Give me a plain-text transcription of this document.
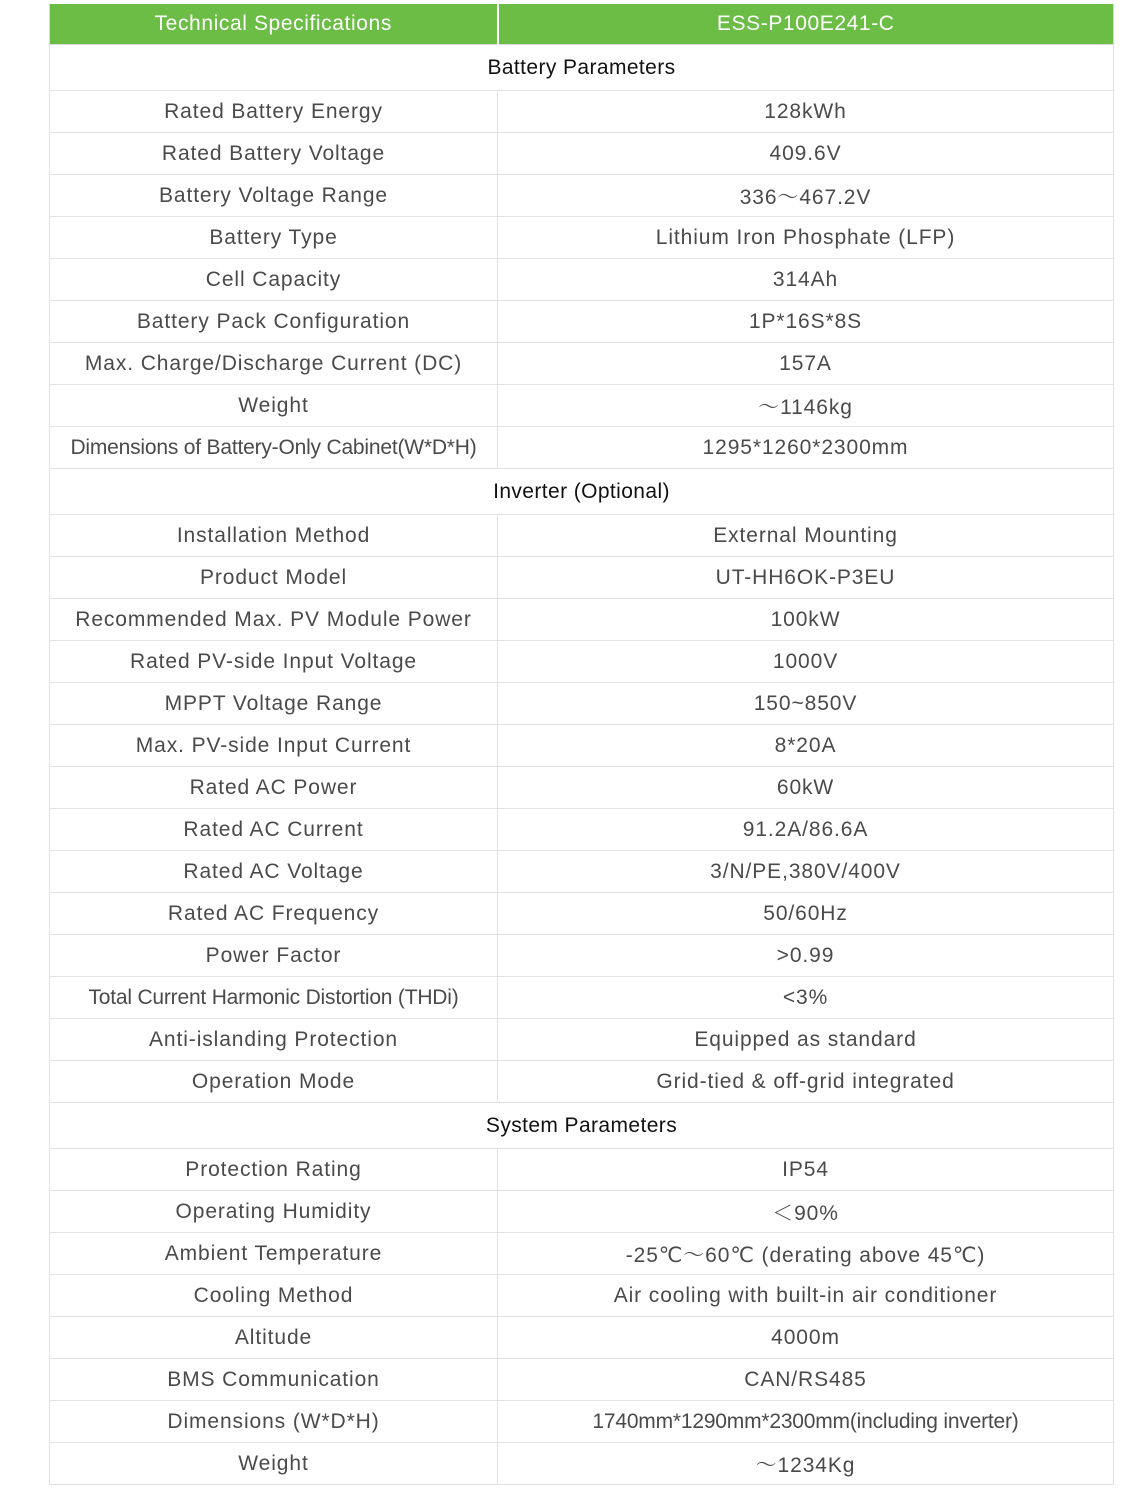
Technical Specifications	ESS-P100E241-C
Battery Parameters	
Rated Battery Energy	128kWh
Rated Battery Voltage	409.6V
Battery Voltage Range	336～467.2V
Battery Type	Lithium Iron Phosphate (LFP)
Cell Capacity	314Ah
Battery Pack Configuration	1P*16S*8S
Max. Charge/Discharge Current (DC)	157A
Weight	～1146kg
Dimensions of Battery-Only Cabinet(W*D*H)	1295*1260*2300mm
Inverter (Optional)	
Installation Method	External Mounting
Product Model	UT-HH6OK-P3EU
Recommended Max. PV Module Power	100kW
Rated PV-side Input Voltage	1000V
MPPT Voltage Range	150~850V
Max. PV-side Input Current	8*20A
Rated AC Power	60kW
Rated AC Current	91.2A/86.6A
Rated AC Voltage	3/N/PE,380V/400V
Rated AC Frequency	50/60Hz
Power Factor	>0.99
Total Current Harmonic Distortion (THDi)	<3%
Anti-islanding Protection	Equipped as standard
Operation Mode	Grid-tied & off-grid integrated
System Parameters	
Protection Rating	IP54
Operating Humidity	＜90%
Ambient Temperature	-25℃～60℃ (derating above 45℃)
Cooling Method	Air cooling with built-in air conditioner
Altitude	4000m
BMS Communication	CAN/RS485
Dimensions (W*D*H)	1740mm*1290mm*2300mm(including inverter)
Weight	～1234Kg
